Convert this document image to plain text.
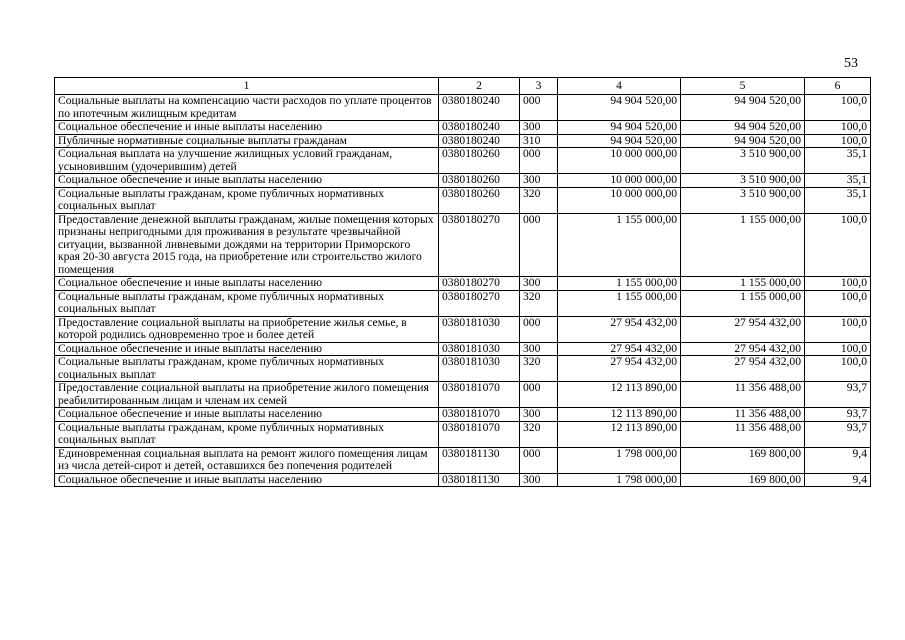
53
1	2	3	4	5	6
Социальные выплаты на компенсацию части расходов по уплате процентов по ипотечным жилищным кредитам	0380180240	000	94 904 520,00	94 904 520,00	100,0
Социальное обеспечение и иные выплаты населению	0380180240	300	94 904 520,00	94 904 520,00	100,0
Публичные нормативные социальные выплаты гражданам	0380180240	310	94 904 520,00	94 904 520,00	100,0
Социальная выплата на улучшение жилищных условий гражданам, усыновившим (удочерившим) детей	0380180260	000	10 000 000,00	3 510 900,00	35,1
Социальное обеспечение и иные выплаты населению	0380180260	300	10 000 000,00	3 510 900,00	35,1
Социальные выплаты гражданам, кроме публичных нормативных социальных выплат	0380180260	320	10 000 000,00	3 510 900,00	35,1
Предоставление денежной выплаты гражданам, жилые помещения которых признаны непригодными для проживания в результате чрезвычайной ситуации, вызванной ливневыми дождями на территории Приморского края 20-30 августа 2015 года, на приобретение или строительство жилого помещения	0380180270	000	1 155 000,00	1 155 000,00	100,0
Социальное обеспечение и иные выплаты населению	0380180270	300	1 155 000,00	1 155 000,00	100,0
Социальные выплаты гражданам, кроме публичных нормативных социальных выплат	0380180270	320	1 155 000,00	1 155 000,00	100,0
Предоставление социальной выплаты на приобретение жилья семье, в которой родились одновременно трое и более детей	0380181030	000	27 954 432,00	27 954 432,00	100,0
Социальное обеспечение и иные выплаты населению	0380181030	300	27 954 432,00	27 954 432,00	100,0
Социальные выплаты гражданам, кроме публичных нормативных социальных выплат	0380181030	320	27 954 432,00	27 954 432,00	100,0
Предоставление социальной выплаты на приобретение жилого помещения реабилитированным лицам и членам их семей	0380181070	000	12 113 890,00	11 356 488,00	93,7
Социальное обеспечение и иные выплаты населению	0380181070	300	12 113 890,00	11 356 488,00	93,7
Социальные выплаты гражданам, кроме публичных нормативных социальных выплат	0380181070	320	12 113 890,00	11 356 488,00	93,7
Единовременная социальная выплата на ремонт жилого помещения лицам из числа детей-сирот и детей, оставшихся без попечения родителей	0380181130	000	1 798 000,00	169 800,00	9,4
Социальное обеспечение и иные выплаты населению	0380181130	300	1 798 000,00	169 800,00	9,4
